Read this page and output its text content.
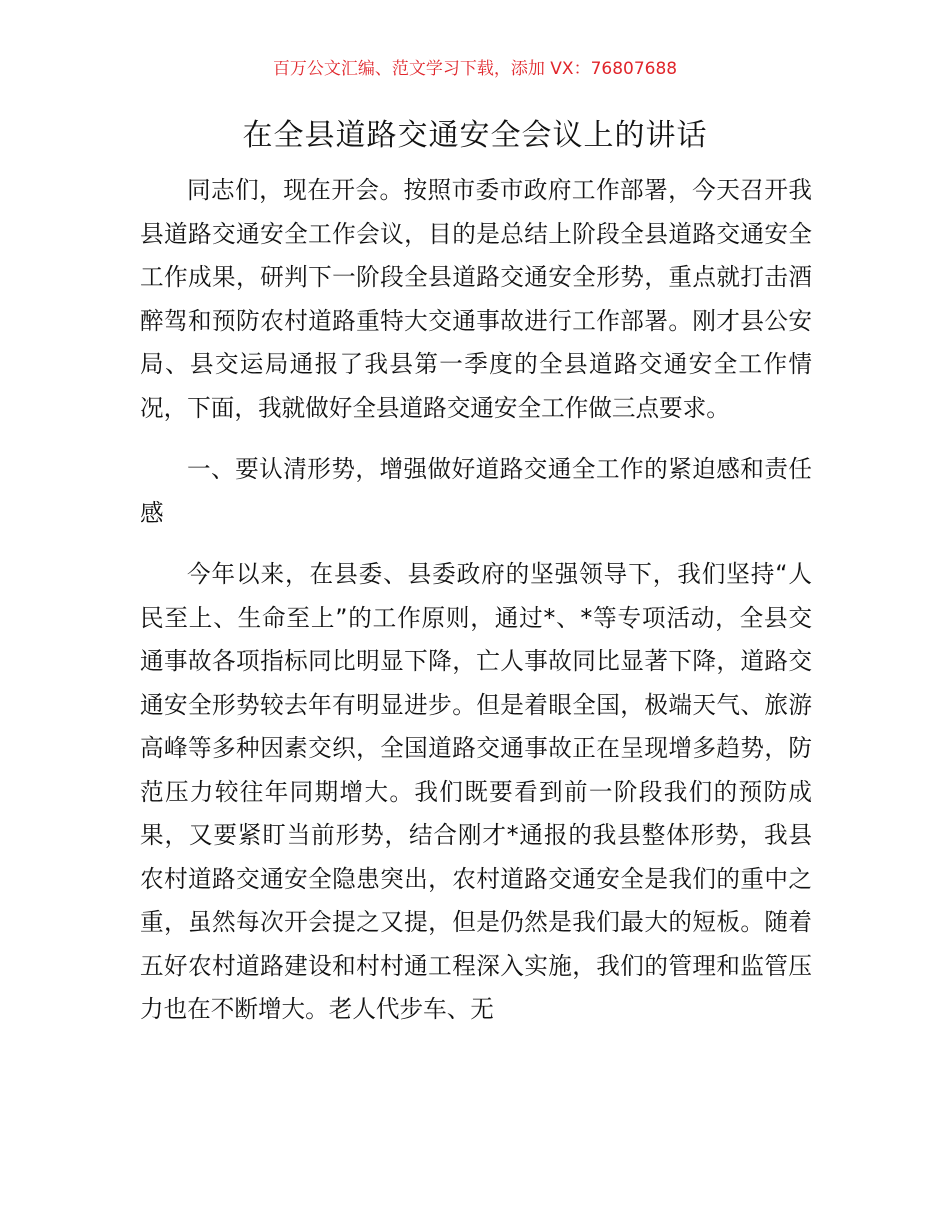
百万公文汇编、范文学习下载，添加 VX：76807688
在全县道路交通安全会议上的讲话

同志们，现在开会。按照市委市政府工作部署，今天召开我县道路交通安全工作会议，目的是总结上阶段全县道路交通安全工作成果，研判下一阶段全县道路交通安全形势，重点就打击酒醉驾和预防农村道路重特大交通事故进行工作部署。刚才县公安局、县交运局通报了我县第一季度的全县道路交通安全工作情况，下面，我就做好全县道路交通安全工作做三点要求。

一、要认清形势，增强做好道路交通全工作的紧迫感和责任感

今年以来，在县委、县委政府的坚强领导下，我们坚持“人民至上、生命至上”的工作原则，通过*、*等专项活动，全县交通事故各项指标同比明显下降，亡人事故同比显著下降，道路交通安全形势较去年有明显进步。但是着眼全国，极端天气、旅游高峰等多种因素交织，全国道路交通事故正在呈现增多趋势，防范压力较往年同期增大。我们既要看到前一阶段我们的预防成果，又要紧盯当前形势，结合刚才*通报的我县整体形势，我县农村道路交通安全隐患突出，农村道路交通安全是我们的重中之重，虽然每次开会提之又提，但是仍然是我们最大的短板。随着五好农村道路建设和村村通工程深入实施，我们的管理和监管压力也在不断增大。老人代步车、无
